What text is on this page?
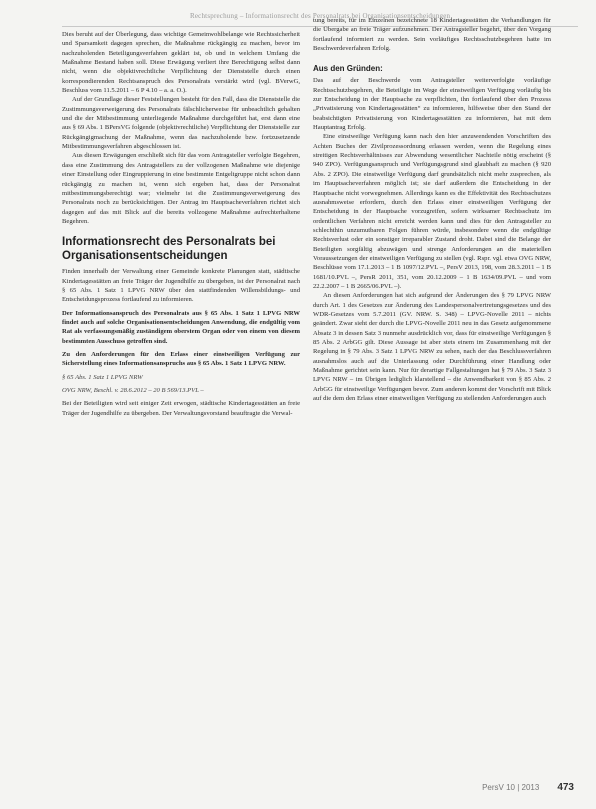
Rechtsprechung – Informationsrecht des Personalrats bei Organisationsentscheidungen

Dies beruht auf der Überlegung, dass wichtige Gemeinwohlbelange wie Rechtssicherheit und Sparsamkeit dagegen sprechen, die Maßnahme rückgängig zu machen, bevor im nachzuholenden Beteiligungsverfahren geklärt ist, ob und in welchem Umfang die Maßnahme Bestand haben soll. Diese Erwägung verliert ihre Berechtigung selbst dann nicht, wenn die objektivrechtliche Verpflichtung der Dienststelle durch einen korrespondierenden Rechtsanspruch des Personalrats verstärkt wird (vgl. BVerwG, Beschluss vom 11.5.2011 – 6 P 4.10 – a. a. O.).

Auf der Grundlage dieser Feststellungen besteht für den Fall, dass die Dienststelle die Zustimmungsverweigerung des Personalrats fälschlicherweise für unbeachtlich gehalten und die der Mitbestimmung unterliegende Maßnahme durchgeführt hat, erst dann eine aus § 69 Abs. 1 BPersVG folgende (objektivrechtliche) Verpflichtung der Dienststelle zur Rückgängigmachung der Maßnahme, wenn das nachzuholende bzw. fortzusetzende Mitbestimmungsverfahren abgeschlossen ist.

Aus diesen Erwägungen erschließt sich für das vom Antragsteller verfolgte Begehren, dass eine Zustimmung des Antragstellers zu der vollzogenen Maßnahme wie diejenige einer Einstellung oder Eingruppierung in eine bestimmte Entgeltgruppe nicht schon dann rückgängig zu machen ist, wenn sich ergeben hat, dass der Personalrat mitbestimmungsberechtigt war; vielmehr ist die Zustimmungsverweigerung des Personalrats noch zu berücksichtigen. Der Antrag im Hauptsacheverfahren richtet sich dagegen auf das mit Blick auf die bereits vollzogene Maßnahme aufrechterhaltene Begehren.

Informationsrecht des Personalrats bei Organisationsentscheidungen

Finden innerhalb der Verwaltung einer Gemeinde konkrete Planungen statt, städtische Kindertagesstätten an freie Träger der Jugendhilfe zu übergeben, ist der Personalrat nach § 65 Abs. 1 Satz 1 LPVG NRW über den stattfindenden Willensbildungs- und Entscheidungsprozess fortlaufend zu informieren.

Der Informationsanspruch des Personalrats aus § 65 Abs. 1 Satz 1 LPVG NRW findet auch auf solche Organisationsentscheidungen Anwendung, die endgültig vom Rat als verfassungsmäßig zuständigem oberstem Organ oder von einem von diesem bestimmten Ausschuss getroffen sind.

Zu den Anforderungen für den Erlass einer einstweiligen Verfügung zur Sicherstellung eines Informationsanspruchs aus § 65 Abs. 1 Satz 1 LPVG NRW.

§ 65 Abs. 1 Satz 1 LPVG NRW

OVG NRW, Beschl. v. 28.6.2012 – 20 B 569/13.PVL –

Bei der Beteiligten wird seit einiger Zeit erwogen, städtische Kindertagesstätten an freie Träger der Jugendhilfe zu übergeben. Der Verwaltungsvorstand beauftragte die Verwal-

tung bereits, für im Einzelnen bezeichnete 18 Kindertagesstätten die Verhandlungen für die Übergabe an freie Träger aufzunehmen. Der Antragsteller begehrt, über den Vorgang fortlaufend informiert zu werden. Sein vorläufiges Rechtsschutzbegehren hatte im Beschwerdeverfahren Erfolg.

Aus den Gründen:

Das auf der Beschwerde vom Antragsteller weiterverfolgte vorläufige Rechtsschutzbegehren, die Beteiligte im Wege der einstweiligen Verfügung vorläufig bis zur Entscheidung in der Hauptsache zu verpflichten, ihn fortlaufend über den Prozess „Privatisierung von Kindertagesstätten“ zu informieren, hilfsweise über den Stand der beabsichtigten Privatisierung von Kindertagesstätten zu informieren, hat mit dem Hauptantrag Erfolg.

Eine einstweilige Verfügung kann nach den hier anzuwendenden Vorschriften des Achten Buches der Zivilprozessordnung erlassen werden, wenn die Regelung eines streitigen Rechtsverhältnisses zur Abwendung wesentlicher Nachteile nötig erscheint (§ 940 ZPO). Verfügungsanspruch und Verfügungsgrund sind glaubhaft zu machen (§ 920 Abs. 2 ZPO). Die einstweilige Verfügung darf grundsätzlich nicht mehr zusprechen, als im Hauptsacheverfahren möglich ist; sie darf außerdem die Entscheidung in der Hauptsache nicht vorwegnehmen. Allerdings kann es die Effektivität des Rechtsschutzes ausnahmsweise erfordern, durch den Erlass einer einstweiligen Verfügung der Entscheidung in der Hauptsache vorzugreifen, sofern wirksamer Rechtsschutz im ordentlichen Verfahren nicht erreicht werden kann und dies für den Antragsteller zu schlechthin unzumutbaren Folgen führen würde, insbesondere wenn die endgültige Rechtsverlust oder ein sonstiger irreparabler Zustand droht. Dabei sind die Belange der Beteiligten sorgfältig abzuwägen und strenge Anforderungen an die materiellen Voraussetzungen der einstweiligen Verfügung zu stellen (vgl. Rspr. vgl. etwa OVG NRW, Beschlüsse vom 17.1.2013 – 1 B 1097/12.PVL –, PersV 2013, 198, vom 28.3.2011 – 1 B 1681/10.PVL –, PersR 2011, 351, vom 20.12.2009 – 1 B 1634/09.PVL – und vom 22.2.2007 – 1 B 2665/06.PVL –).

An diesen Anforderungen hat sich aufgrund der Änderungen des § 79 LPVG NRW durch Art. 1 des Gesetzes zur Änderung des Landespersonalvertretungsgesetzes und des WDR-Gesetzes vom 5.7.2011 (GV. NRW. S. 348) – LPVG-Novelle 2011 – nichts geändert. Zwar sieht der durch die LPVG-Novelle 2011 neu in das Gesetz aufgenommene Absatz 3 in dessen Satz 3 nunmehr ausdrücklich vor, dass für einstweilige Verfügungen § 85 Abs. 2 ArbGG gilt. Diese Aussage ist aber stets einem im Zusammenhang mit der Regelung in § 79 Abs. 3 Satz 1 LPVG NRW zu sehen, nach der das Beschlussverfahren ausnahmslos auch auf die Unterlassung oder Durchführung einer Handlung oder Maßnahme gerichtet sein kann. Nur für derartige Fallgestaltungen hat § 79 Abs. 3 Satz 3 LPVG NRW – im Übrigen lediglich klarstellend – die Anwendbarkeit von § 85 Abs. 2 ArbGG für einstweilige Verfügungen bevor. Zum anderen kommt der Vorschrift mit Blick auf die dem den Erlass einer einstweiligen Verfügung zu stellenden Anforderungen auch

PersV 10 | 2013 473
